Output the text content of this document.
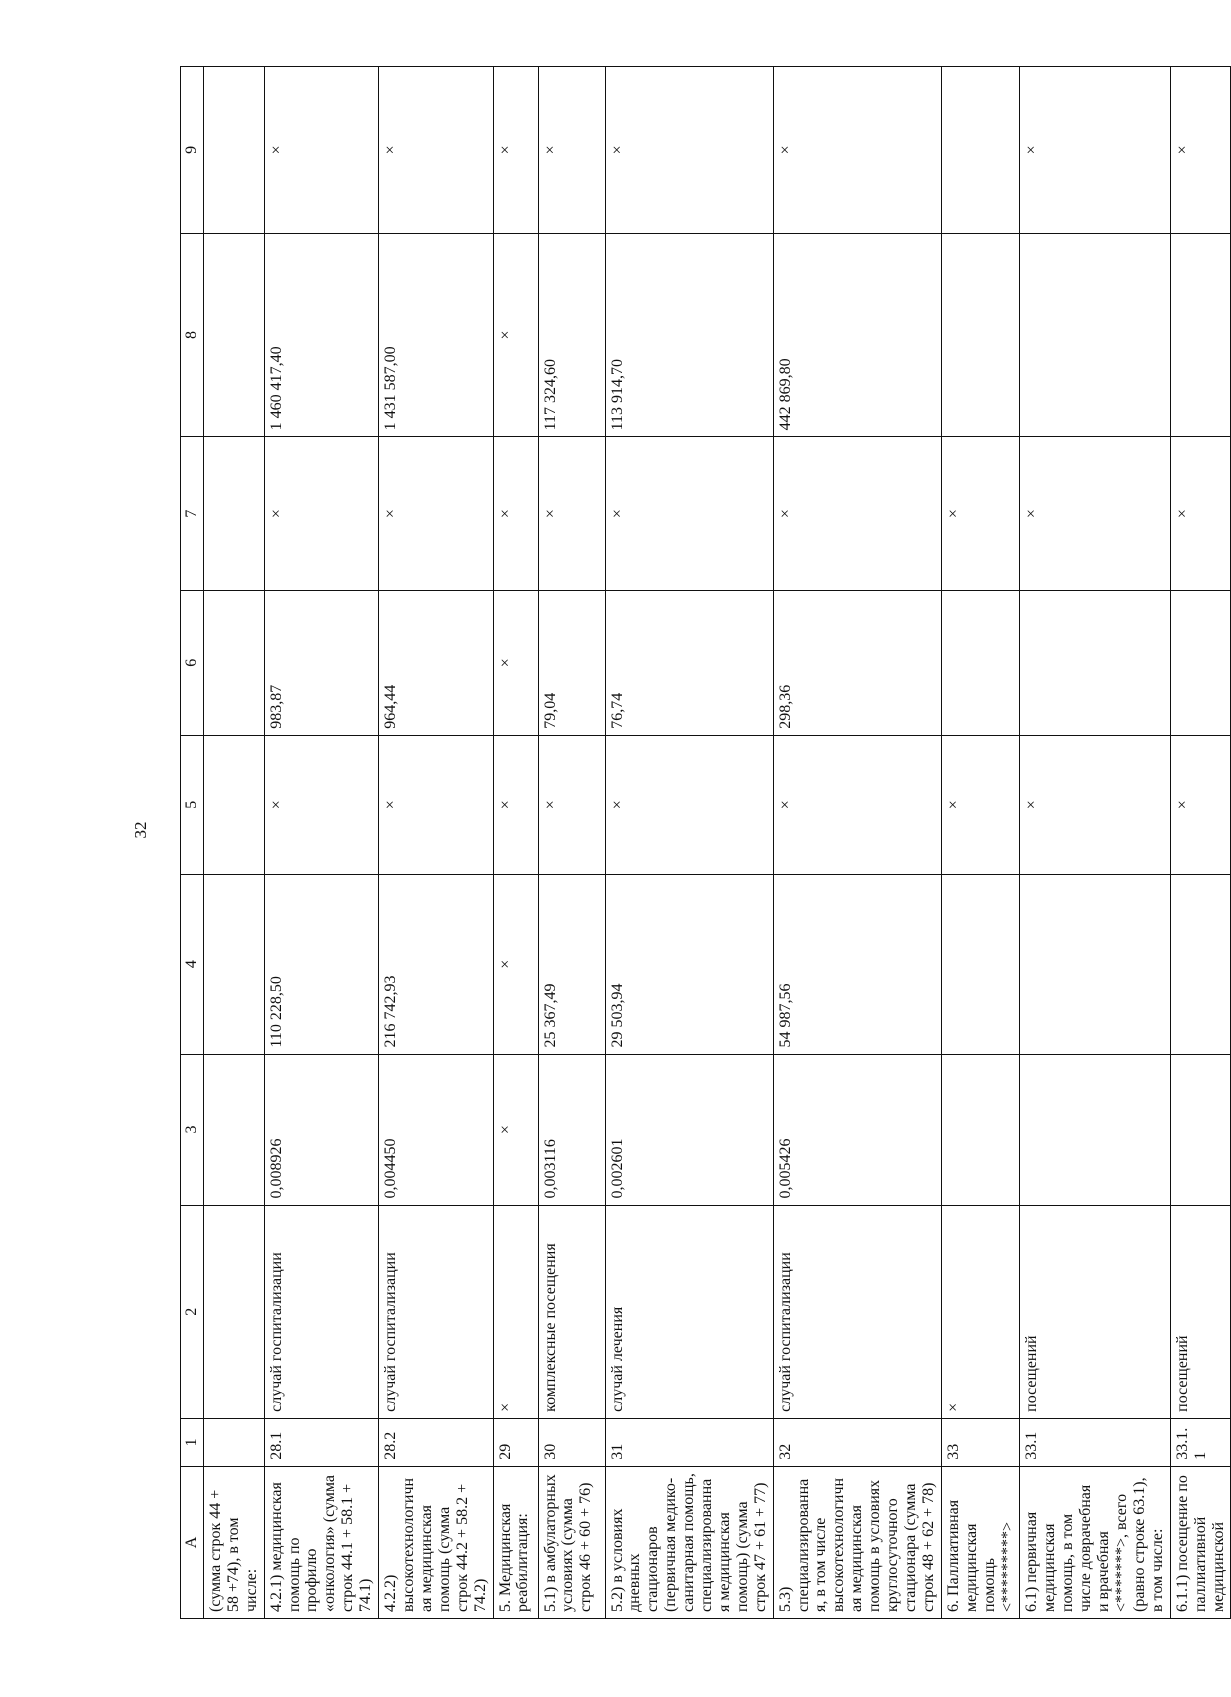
32
А	1	2	3	4	5	6	7	8	9
(сумма строк 44 + 58 +74), в том числе:									
4.2.1) медицинская помощь по профилю «онкология» (сумма строк 44.1 + 58.1 + 74.1)	28.1	случай госпитализации	0,008926	110 228,50	×	983,87	×	1 460 417,40	×
4.2.2) высокотехнологичная медицинская помощь (сумма строк 44.2 + 58.2 + 74.2)	28.2	случай госпитализации	0,004450	216 742,93	×	964,44	×	1 431 587,00	×
5. Медицинская реабилитация:	29	×	×	×	×	×	×	×	×
5.1) в амбулаторных условиях (сумма строк 46 + 60 + 76)	30	комплексные посещения	0,003116	25 367,49	×	79,04	×	117 324,60	×
5.2) в условиях дневных стационаров (первичная медико-санитарная помощь, специализированная медицинская помощь) (сумма строк 47 + 61 + 77)	31	случай лечения	0,002601	29 503,94	×	76,74	×	113 914,70	×
5.3) специализированная, в том числе высокотехнологичная медицинская помощь в условиях круглосуточного стационара (сумма строк 48 + 62 + 78)	32	случай госпитализации	0,005426	54 987,56	×	298,36	×	442 869,80	×
6. Паллиативная медицинская помощь <*********>	33	×			×		×		
6.1) первичная медицинская помощь, в том числе доврачебная и врачебная <*******>, всего (равно строке 63.1), в том числе:	33.1	посещений			×		×		×
6.1.1) посещение по паллиативной медицинской	33.1.1	посещений			×		×		×
